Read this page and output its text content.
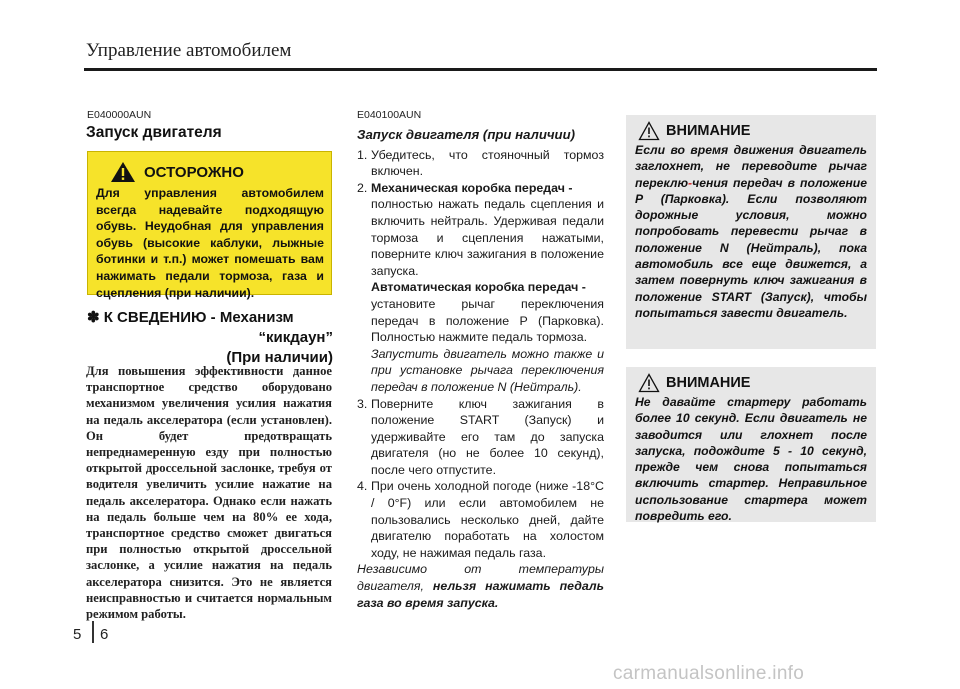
Управление автомобилем
E040000AUN
Запуск двигателя
ОСТОРОЖНО
Для управления автомобилем всегда надевайте подходящую обувь. Неудобная для управления обувь (высокие каблуки, лыжные ботинки и т.п.) может помешать вам нажимать педали тормоза, газа и сцепления (при наличии).
✽ К СВЕДЕНИЮ - Механизм
“кикдаун”
(При наличии)
Для повышения эффективности данное транспортное средство оборудовано механизмом увеличения усилия нажатия на педаль акселератора (если установлен). Он будет предотвращать непреднамеренную езду при полностью открытой дроссельной заслонке, требуя от водителя увеличить усилие нажатие на педаль акселератора. Однако если нажать на педаль больше чем на 80% ее хода, транспортное средство сможет двигаться при полностью открытой дроссельной заслонке, а усилие нажатия на педаль акселератора снизится. Это не является неисправностью и считается нормальным режимом работы.
E040100AUN
Запуск двигателя (при наличии)
1. Убедитесь, что стояночный тормоз включен.

2. Механическая коробка передач -

полностью нажать педаль сцепления и включить нейтраль. Удерживая педали тормоза и сцепления нажатыми, поверните ключ зажигания в положение запуска.

Автоматическая коробка передач -

установите рычаг переключения передач в положение P (Парковка). Полностью нажмите педаль тормоза.

Запустить двигатель можно также и при установке рычага переключения передач в положение N (Нейтраль).

3. Поверните ключ зажигания в положение START (Запуск) и удерживайте его там до запуска двигателя (но не более 10 секунд), после чего отпустите.

4. При очень холодной погоде (ниже -18°C / 0°F) или если автомобилем не пользовались несколько дней, дайте двигателю поработать на холостом ходу, не нажимая педаль газа.

Независимо от температуры двигателя, нельзя нажимать педаль газа во время запуска.

ВНИМАНИЕ
Если во время движения двигатель заглохнет, не переводите рычаг переклю-чения передач в положение P (Парковка). Если позволяют дорожные условия, можно попробовать перевести рычаг в положение N (Нейтраль), пока автомобиль все еще движется, а затем повернуть ключ зажигания в положение START (Запуск), чтобы попытаться завести двигатель.
ВНИМАНИЕ
Не давайте стартеру работать более 10 секунд. Если двигатель не заводится или глохнет после запуска, подождите 5 - 10 секунд, прежде чем снова попытаться включить стартер. Неправильное использование стартера может повредить его.
5 6
carmanualsonline.info
